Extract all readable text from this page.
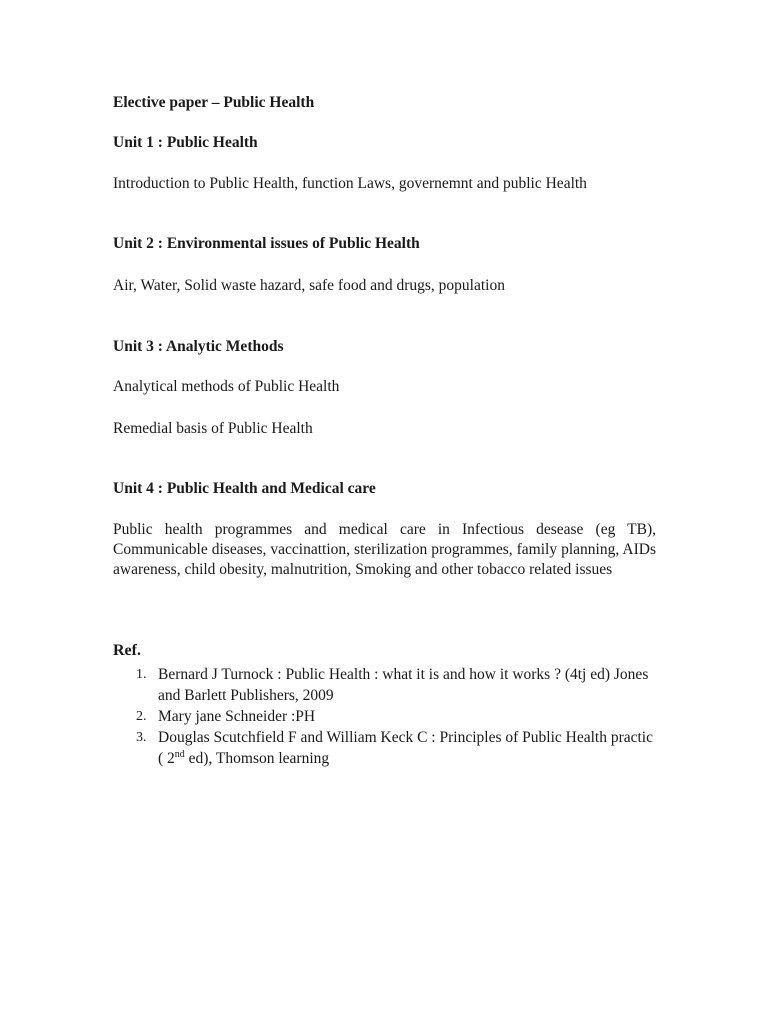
Elective paper – Public Health

Unit 1 : Public Health

Introduction to Public Health, function Laws, governemnt and public Health

Unit 2 : Environmental issues of Public Health

Air, Water, Solid waste hazard, safe food and drugs, population

Unit 3 : Analytic Methods

Analytical methods of Public Health

Remedial basis of Public Health

Unit 4 : Public Health and Medical care

Public health programmes and medical care in Infectious desease (eg TB), Communicable diseases, vaccinattion, sterilization programmes, family planning, AIDs awareness, child obesity, malnutrition, Smoking and other tobacco related issues

Ref.

1. Bernard J Turnock : Public Health : what it is and how it works ? (4tj ed) Jones and Barlett Publishers, 2009
2. Mary jane Schneider :PH
3. Douglas Scutchfield F and William Keck C : Principles of Public Health practic ( 2nd ed), Thomson learning
